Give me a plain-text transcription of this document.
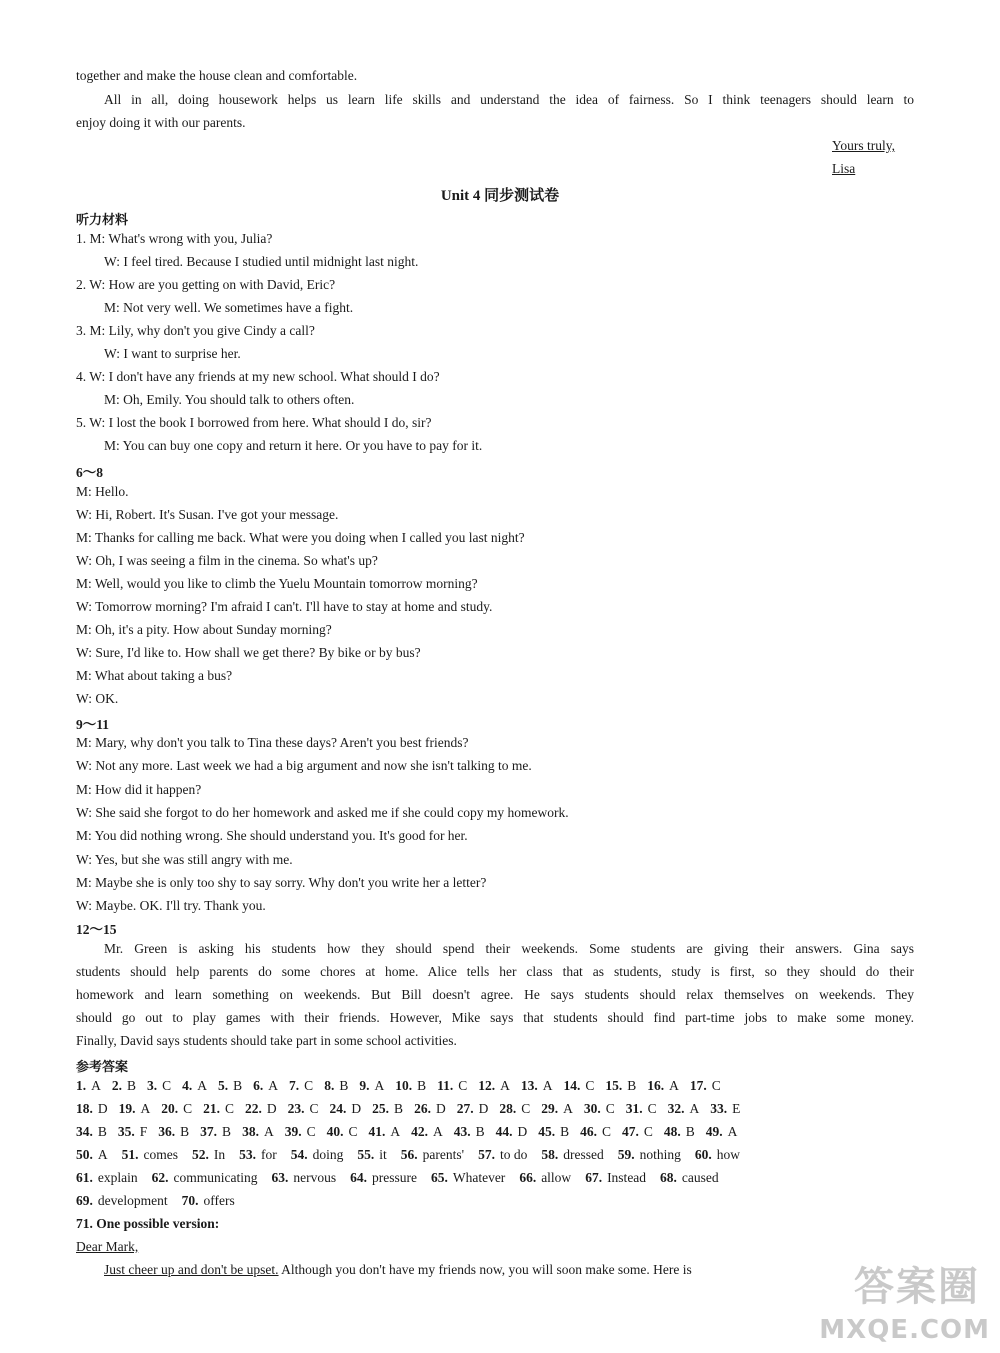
together and make the house clean and comfortable.
All in all, doing housework helps us learn life skills and understand the idea of fairness. So I think teenagers should learn to
enjoy doing it with our parents.
Yours truly,
Lisa
Unit 4 同步测试卷
听力材料
1. M: What's wrong with you, Julia?
W: I feel tired. Because I studied until midnight last night.
2. W: How are you getting on with David, Eric?
M: Not very well. We sometimes have a fight.
3. M: Lily, why don't you give Cindy a call?
W: I want to surprise her.
4. W: I don't have any friends at my new school. What should I do?
M: Oh, Emily. You should talk to others often.
5. W: I lost the book I borrowed from here. What should I do, sir?
M: You can buy one copy and return it here. Or you have to pay for it.
6～8
M: Hello.
W: Hi, Robert. It's Susan. I've got your message.
M: Thanks for calling me back. What were you doing when I called you last night?
W: Oh, I was seeing a film in the cinema. So what's up?
M: Well, would you like to climb the Yuelu Mountain tomorrow morning?
W: Tomorrow morning? I'm afraid I can't. I'll have to stay at home and study.
M: Oh, it's a pity. How about Sunday morning?
W: Sure, I'd like to. How shall we get there? By bike or by bus?
M: What about taking a bus?
W: OK.
9～11
M: Mary, why don't you talk to Tina these days? Aren't you best friends?
W: Not any more. Last week we had a big argument and now she isn't talking to me.
M: How did it happen?
W: She said she forgot to do her homework and asked me if she could copy my homework.
M: You did nothing wrong. She should understand you. It's good for her.
W: Yes, but she was still angry with me.
M: Maybe she is only too shy to say sorry. Why don't you write her a letter?
W: Maybe. OK. I'll try. Thank you.
12～15
Mr. Green is asking his students how they should spend their weekends. Some students are giving their answers. Gina says
students should help parents do some chores at home. Alice tells her class that as students, study is first, so they should do their
homework and learn something on weekends. But Bill doesn't agree. He says students should relax themselves on weekends. They
should go out to play games with their friends. However, Mike says that students should find part-time jobs to make some money.
Finally, David says students should take part in some school activities.
参考答案
1. A 2. B 3. C 4. A 5. B 6. A 7. C 8. B 9. A 10. B 11. C 12. A 13. A 14. C 15. B 16. A 17. C
18. D 19. A 20. C 21. C 22. D 23. C 24. D 25. B 26. D 27. D 28. C 29. A 30. C 31. C 32. A 33. E
34. B 35. F 36. B 37. B 38. A 39. C 40. C 41. A 42. A 43. B 44. D 45. B 46. C 47. C 48. B 49. A
50. A 51. comes 52. In 53. for 54. doing 55. it 56. parents' 57. to do 58. dressed 59. nothing 60. how
61. explain 62. communicating 63. nervous 64. pressure 65. Whatever 66. allow 67. Instead 68. caused
69. development 70. offers
71. One possible version:
Dear Mark,
Just cheer up and don't be upset. Although you don't have my friends now, you will soon make some. Here is	答案圈
MXQE.COM
